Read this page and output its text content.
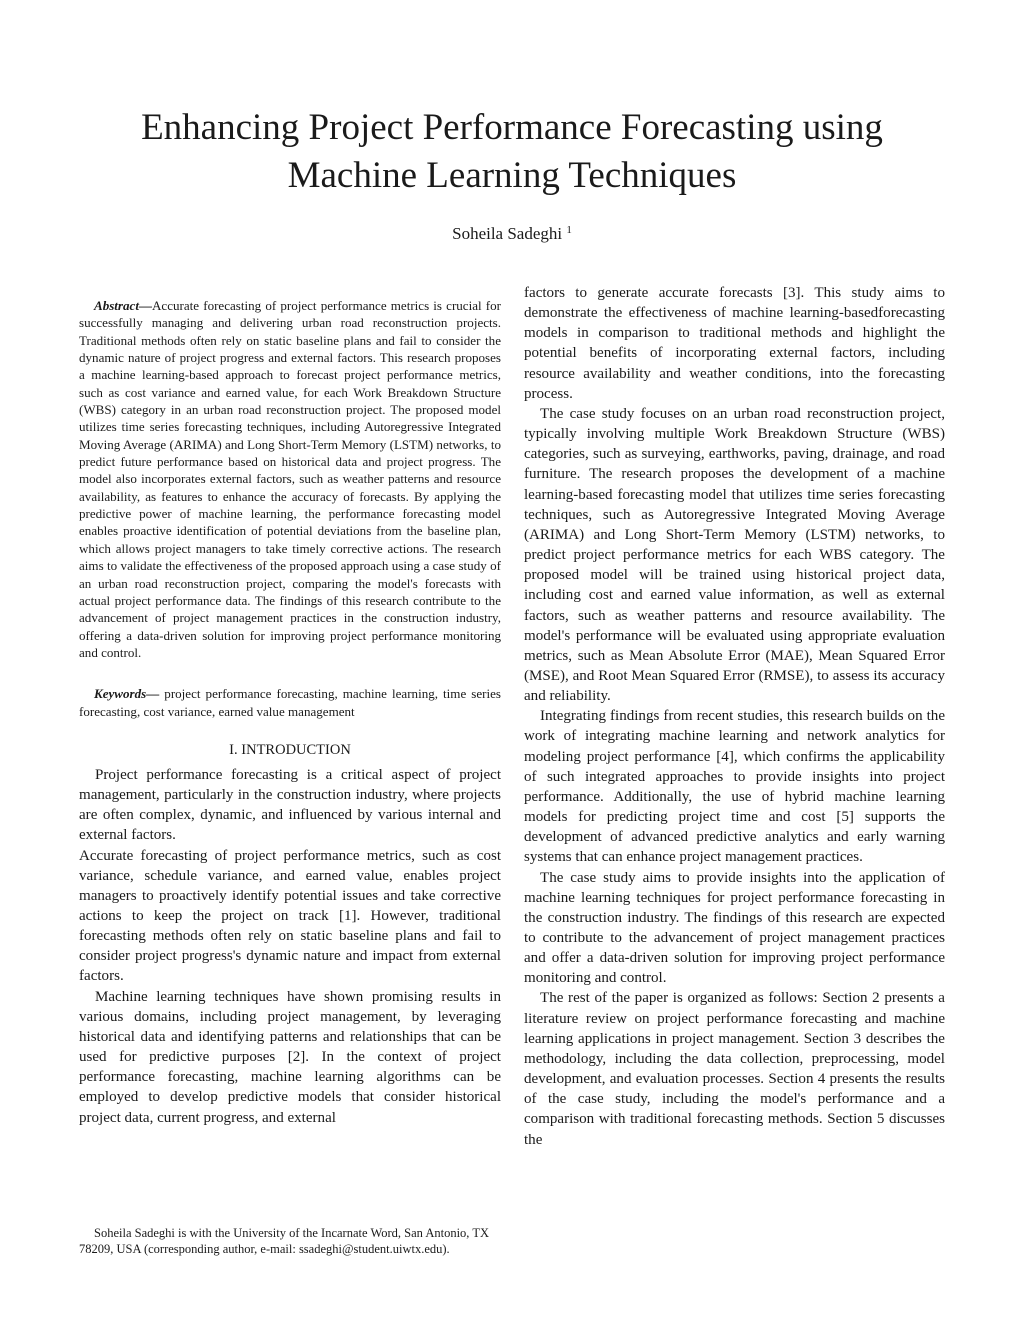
Enhancing Project Performance Forecasting using
Machine Learning Techniques
Soheila Sadeghi $^1$

Abstract—Accurate forecasting of project performance metrics is crucial for successfully managing and delivering urban road reconstruction projects. Traditional methods often rely on static baseline plans and fail to consider the dynamic nature of project progress and external factors. This research proposes a machine learning-based approach to forecast project performance metrics, such as cost variance and earned value, for each Work Breakdown Structure (WBS) category in an urban road reconstruction project. The proposed model utilizes time series forecasting techniques, including Autoregressive Integrated Moving Average (ARIMA) and Long Short-Term Memory (LSTM) networks, to predict future performance based on historical data and project progress. The model also incorporates external factors, such as weather patterns and resource availability, as features to enhance the accuracy of forecasts. By applying the predictive power of machine learning, the performance forecasting model enables proactive identification of potential deviations from the baseline plan, which allows project managers to take timely corrective actions. The research aims to validate the effectiveness of the proposed approach using a case study of an urban road reconstruction project, comparing the model's forecasts with actual project performance data. The findings of this research contribute to the advancement of project management practices in the construction industry, offering a data-driven solution for improving project performance monitoring and control.

Keywords— project performance forecasting, machine learning, time series forecasting, cost variance, earned value management

I. INTRODUCTION

Project performance forecasting is a critical aspect of project management, particularly in the construction industry, where projects are often complex, dynamic, and influenced by various internal and external factors.

Accurate forecasting of project performance metrics, such as cost variance, schedule variance, and earned value, enables project managers to proactively identify potential issues and take corrective actions to keep the project on track [1]. However, traditional forecasting methods often rely on static baseline plans and fail to consider project progress's dynamic nature and impact from external factors.

Machine learning techniques have shown promising results in various domains, including project management, by leveraging historical data and identifying patterns and relationships that can be used for predictive purposes [2]. In the context of project performance forecasting, machine learning algorithms can be employed to develop predictive models that consider historical project data, current progress, and external

factors to generate accurate forecasts [3]. This study aims to demonstrate the effectiveness of machine learning-basedforecasting models in comparison to traditional methods and highlight the potential benefits of incorporating external factors, including resource availability and weather conditions, into the forecasting process.

The case study focuses on an urban road reconstruction project, typically involving multiple Work Breakdown Structure (WBS) categories, such as surveying, earthworks, paving, drainage, and road furniture. The research proposes the development of a machine learning-based forecasting model that utilizes time series forecasting techniques, such as Autoregressive Integrated Moving Average (ARIMA) and Long Short-Term Memory (LSTM) networks, to predict project performance metrics for each WBS category. The proposed model will be trained using historical project data, including cost and earned value information, as well as external factors, such as weather patterns and resource availability. The model's performance will be evaluated using appropriate evaluation metrics, such as Mean Absolute Error (MAE), Mean Squared Error (MSE), and Root Mean Squared Error (RMSE), to assess its accuracy and reliability.

Integrating findings from recent studies, this research builds on the work of integrating machine learning and network analytics for modeling project performance [4], which confirms the applicability of such integrated approaches to provide insights into project performance. Additionally, the use of hybrid machine learning models for predicting project time and cost [5] supports the development of advanced predictive analytics and early warning systems that can enhance project management practices.

The case study aims to provide insights into the application of machine learning techniques for project performance forecasting in the construction industry. The findings of this research are expected to contribute to the advancement of project management practices and offer a data-driven solution for improving project performance monitoring and control.

The rest of the paper is organized as follows: Section 2 presents a literature review on project performance forecasting and machine learning applications in project management. Section 3 describes the methodology, including the data collection, preprocessing, model development, and evaluation processes. Section 4 presents the results of the case study, including the model's performance and a comparison with traditional forecasting methods. Section 5 discusses the

Soheila Sadeghi is with the University of the Incarnate Word, San Antonio, TX 78209, USA (corresponding author, e-mail: ssadeghi@student.uiwtx.edu).
